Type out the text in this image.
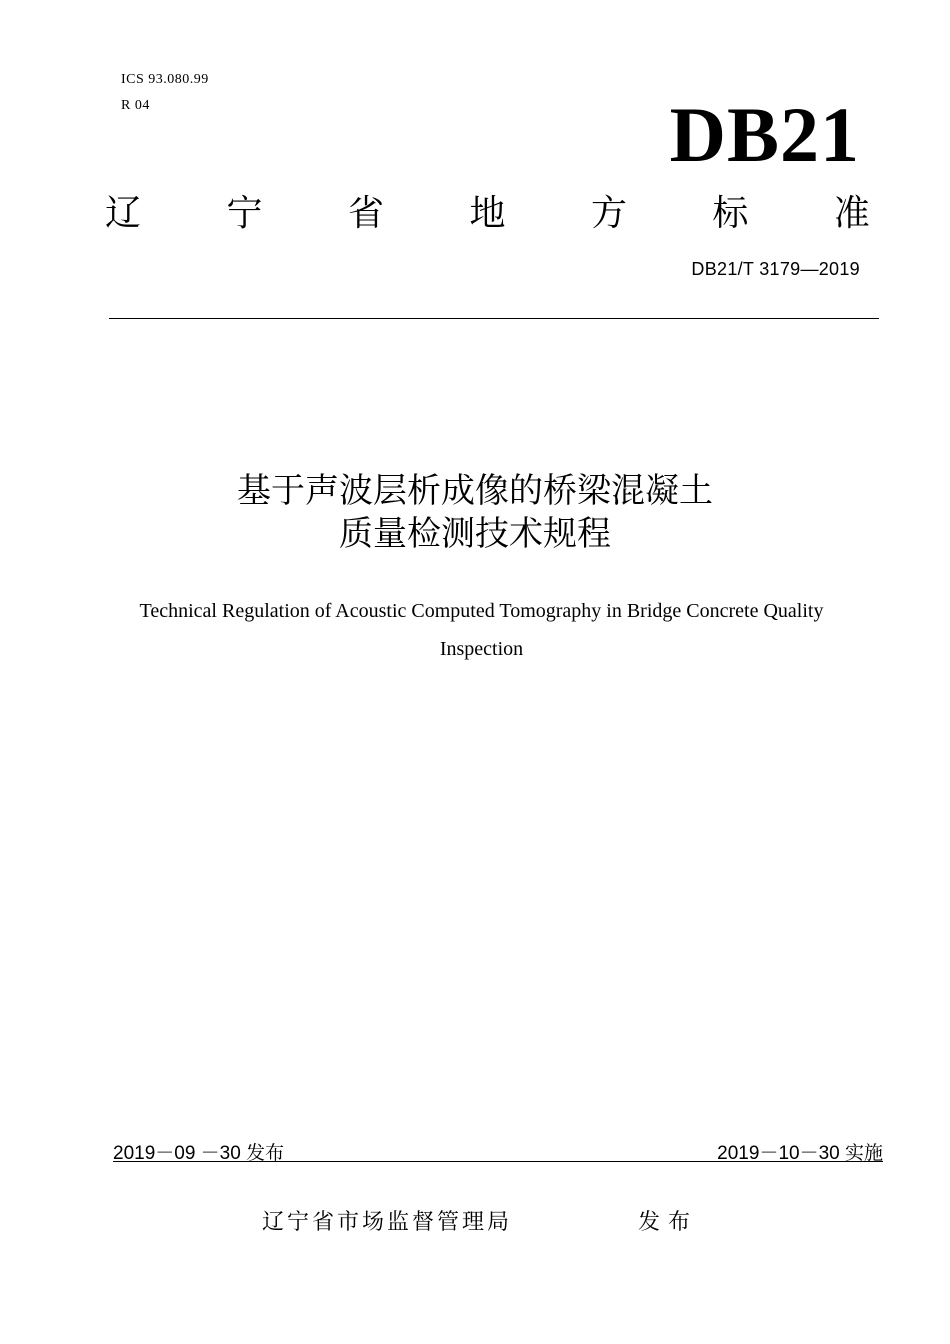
ICS 93.080.99
R 04	DB21
辽 宁 省 地 方 标 准
DB21/T 3179—2019
基于声波层析成像的桥梁混凝土
质量检测技术规程
Technical Regulation of Acoustic Computed Tomography in Bridge Concrete Quality
Inspection
2019－09 －30 发布	2019－10－30 实施
辽宁省市场监督管理局	发布
